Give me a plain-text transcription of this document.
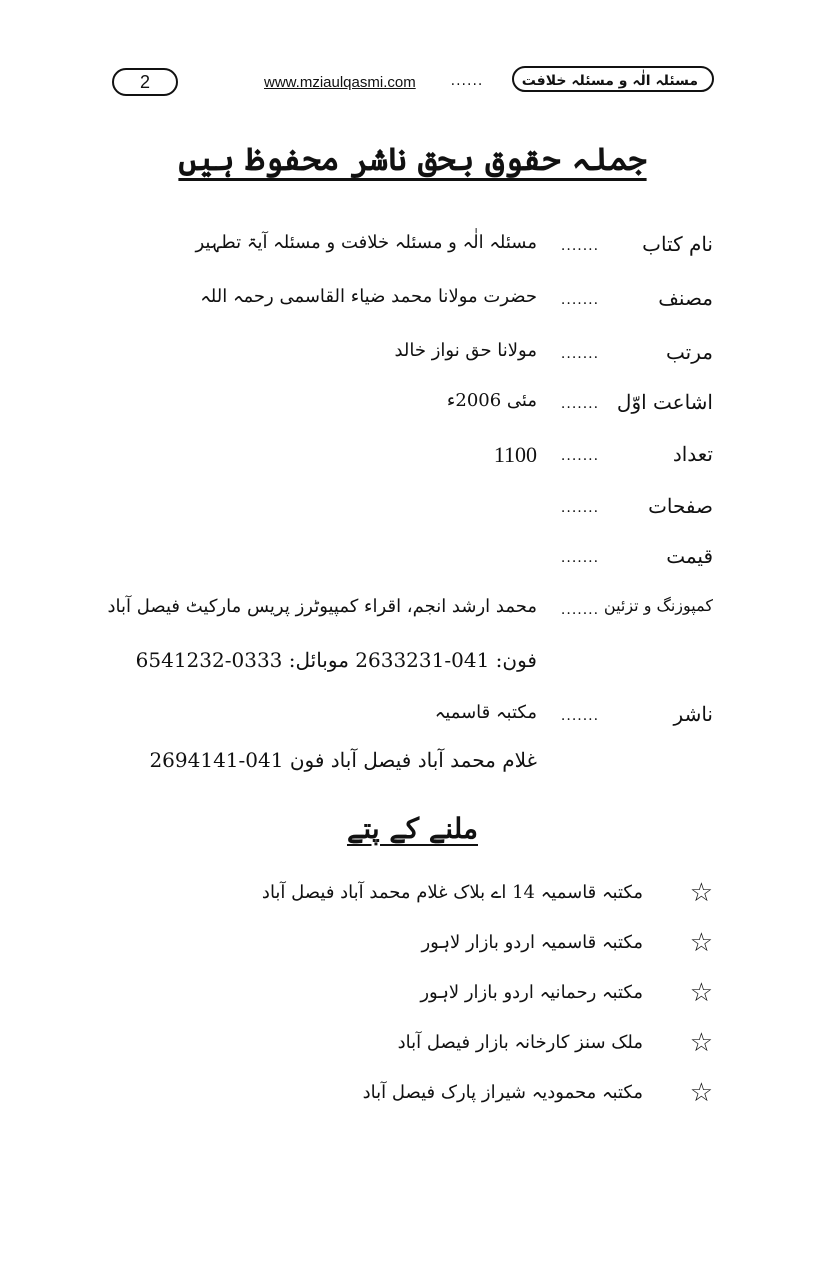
2	www.mziaulqasmi.com	مسئلہ الٰہ و مسئلہ خلافت
......
جملہ حقوق بحق ناشر محفوظ ہیں
نام کتاب
.......
مسئلہ الٰہ و مسئلہ خلافت و مسئلہ آیۃ تطہیر
مصنف
.......
حضرت مولانا محمد ضیاء القاسمی رحمہ اللہ
مرتب
.......
مولانا حق نواز خالد
اشاعت اوّل
.......
مئی 2006ء
تعداد
.......
1100
صفحات
.......
قیمت
.......
کمپوزنگ و تزئین
.......
محمد ارشد انجم، اقراء کمپیوٹرز پریس مارکیٹ فیصل آباد
فون: 041-2633231 موبائل: 0333-6541232
ناشر
.......
مکتبہ قاسمیہ
غلام محمد آباد فیصل آباد فون 041-2694141
ملنے کے پتے
☆
مکتبہ قاسمیہ 14 اے بلاک غلام محمد آباد فیصل آباد
☆
مکتبہ قاسمیہ اردو بازار لاہور
☆
مکتبہ رحمانیہ اردو بازار لاہور
☆
ملک سنز کارخانہ بازار فیصل آباد
☆
مکتبہ محمودیہ شیراز پارک فیصل آباد
